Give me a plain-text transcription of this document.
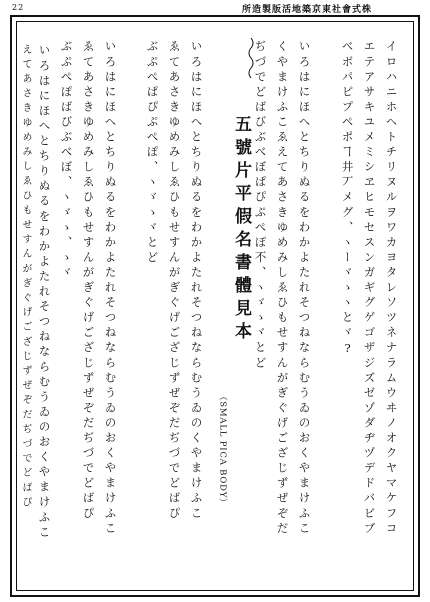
22	所造製版活地築京東社會式株
五號片平假名書體見本
（SMALL PICA BODY）	イロハニホヘトチリヌルヲワカヨタレソツネナラムウヰノオクヤマケフコ
エテアサキユメミシヱヒモセスンガギグゲゴザジズゼゾダヂヅデドバビブ
ベボパピプペポヿ井丆メグ、ヽーヾゝヽとヾ?
いろはにほへとちりぬるをわかよたれそつねならむうゐのおくやまけふこ
くやまけふこゑえてあさきゆめみしゑひもせすんがぎぐげござじずぜぞだ
ぢづでどばびぶべぼぱぴぷぺぽ不、ヽゞゝヾとど
いろはにほへとちりぬるをわかよたれそつねならむうゐのくやまけふこ
ゑてあさきゆめみしゑひもせすんがぎぐげござじずぜぞだぢづでどばぴ
ぶぷぺぱぴぷぺぽ、ヽゞゝヾとど
いろはにほへとちりぬるをわかよたれそつねならむうゐのおくやまけふこ
ゑてあさきゆめみしゑひもせすんがぎぐげござじずぜぞだぢづでどばぴ
ぶぷぺぽばびぶべぼ、ヽゞゝ、ゝヾ
いろはにほへとちりぬるをわかよたれそつねならむうゐのおくやまけふこ
えてあさきゆめみしゑひもせすんがぎぐげござじずぜぞだぢづでどばぴ
